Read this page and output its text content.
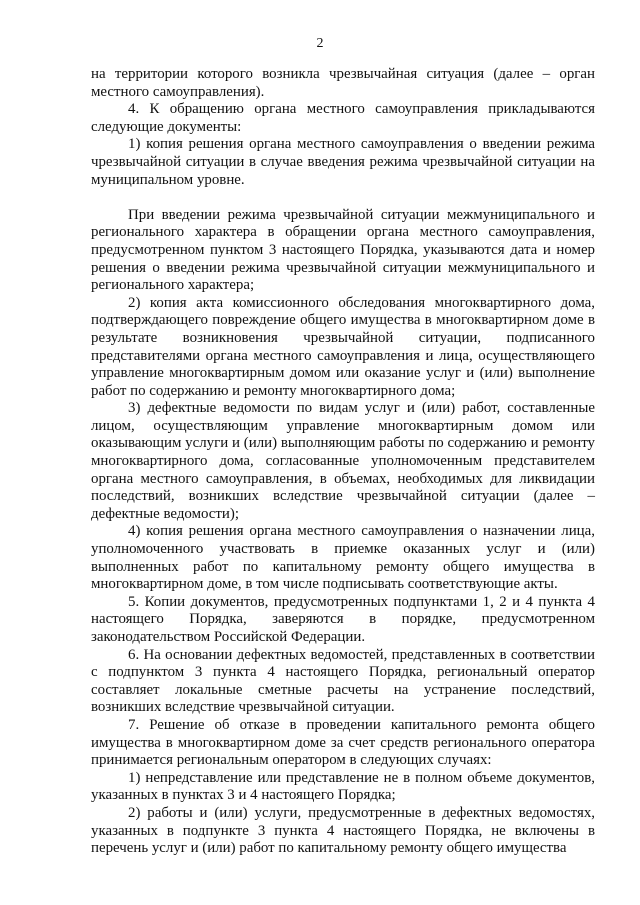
2

на территории которого возникла чрезвычайная ситуация (далее – орган местного самоуправления).

4. К обращению органа местного самоуправления прикладываются следующие документы:

1) копия решения органа местного самоуправления о введении режима чрезвычайной ситуации в случае введения режима чрезвычайной ситуации на муниципальном уровне.

При введении режима чрезвычайной ситуации межмуниципального и регионального характера в обращении органа местного самоуправления, предусмотренном пунктом 3 настоящего Порядка, указываются дата и номер решения о введении режима чрезвычайной ситуации межмуниципального и регионального характера;

2) копия акта комиссионного обследования многоквартирного дома, подтверждающего повреждение общего имущества в многоквартирном доме в результате возникновения чрезвычайной ситуации, подписанного представителями органа местного самоуправления и лица, осуществляющего управление многоквартирным домом или оказание услуг и (или) выполнение работ по содержанию и ремонту многоквартирного дома;

3) дефектные ведомости по видам услуг и (или) работ, составленные лицом, осуществляющим управление многоквартирным домом или оказывающим услуги и (или) выполняющим работы по содержанию и ремонту многоквартирного дома, согласованные уполномоченным представителем органа местного самоуправления, в объемах, необходимых для ликвидации последствий, возникших вследствие чрезвычайной ситуации (далее – дефектные ведомости);

4) копия решения органа местного самоуправления о назначении лица, уполномоченного участвовать в приемке оказанных услуг и (или) выполненных работ по капитальному ремонту общего имущества в многоквартирном доме, в том числе подписывать соответствующие акты.

5. Копии документов, предусмотренных подпунктами 1, 2 и 4 пункта 4 настоящего Порядка, заверяются в порядке, предусмотренном законодательством Российской Федерации.

6. На основании дефектных ведомостей, представленных в соответствии с подпунктом 3 пункта 4 настоящего Порядка, региональный оператор составляет локальные сметные расчеты на устранение последствий, возникших вследствие чрезвычайной ситуации.

7. Решение об отказе в проведении капитального ремонта общего имущества в многоквартирном доме за счет средств регионального оператора принимается региональным оператором в следующих случаях:

1) непредставление или представление не в полном объеме документов, указанных в пунктах 3 и 4 настоящего Порядка;

2) работы и (или) услуги, предусмотренные в дефектных ведомостях, указанных в подпункте 3 пункта 4 настоящего Порядка, не включены в перечень услуг и (или) работ по капитальному ремонту общего имущества
